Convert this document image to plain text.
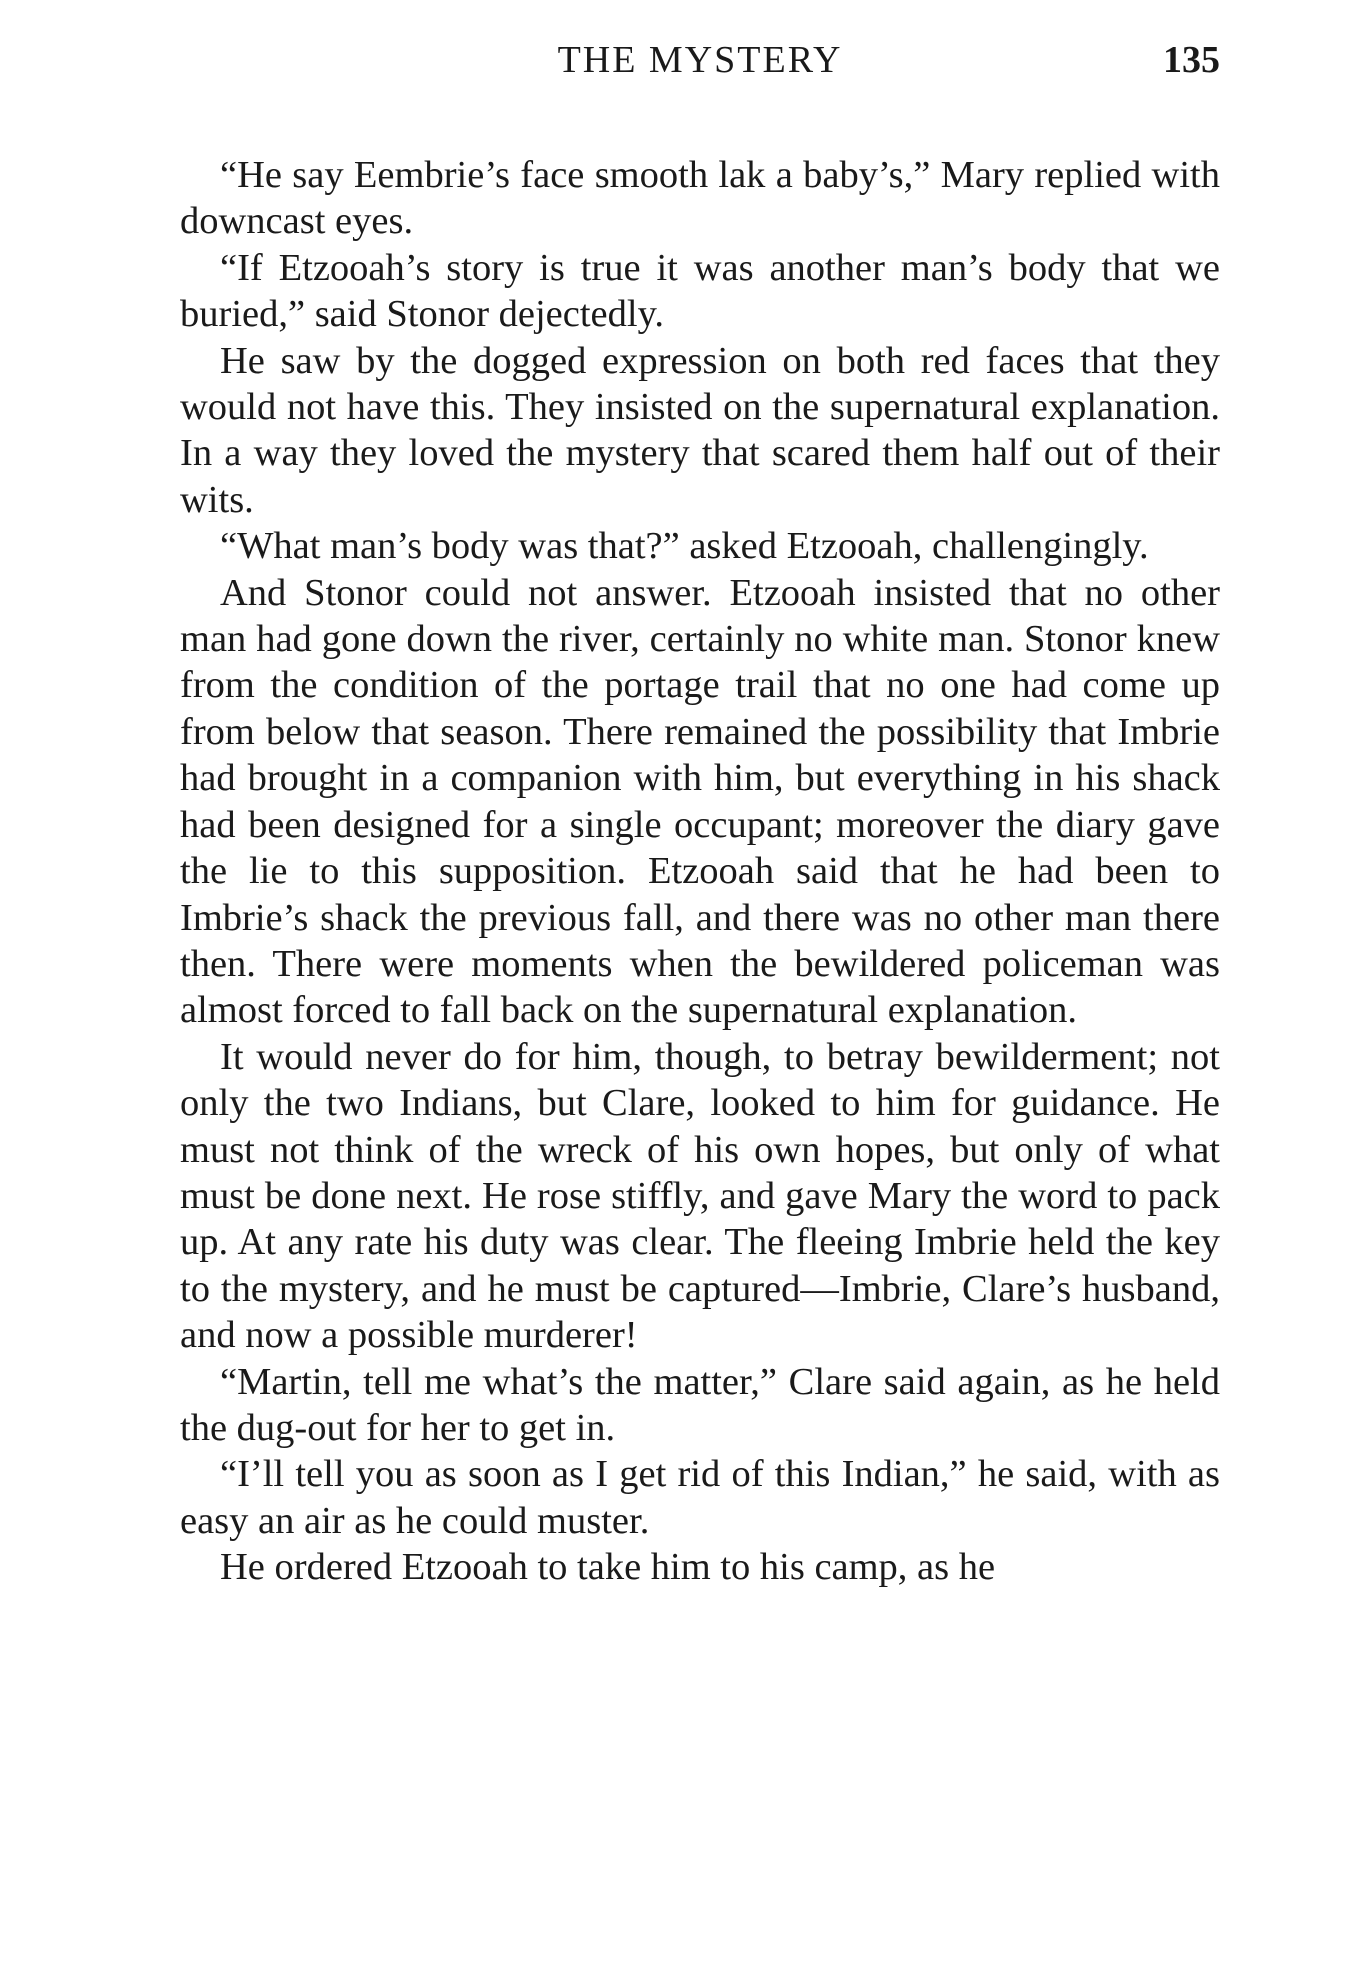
THE MYSTERY	135

“He say Eembrie’s face smooth lak a baby’s,” Mary replied with downcast eyes.

“If Etzooah’s story is true it was another man’s body that we buried,” said Stonor dejectedly.

He saw by the dogged expression on both red faces that they would not have this. They insisted on the supernatural explanation. In a way they loved the mystery that scared them half out of their wits.

“What man’s body was that?” asked Etzooah, challengingly.

And Stonor could not answer. Etzooah insisted that no other man had gone down the river, certainly no white man. Stonor knew from the condition of the portage trail that no one had come up from below that season. There remained the possibility that Imbrie had brought in a companion with him, but everything in his shack had been designed for a single occupant; moreover the diary gave the lie to this supposition. Etzooah said that he had been to Imbrie’s shack the previous fall, and there was no other man there then. There were moments when the bewildered policeman was almost forced to fall back on the supernatural explanation.

It would never do for him, though, to betray bewilderment; not only the two Indians, but Clare, looked to him for guidance. He must not think of the wreck of his own hopes, but only of what must be done next. He rose stiffly, and gave Mary the word to pack up. At any rate his duty was clear. The fleeing Imbrie held the key to the mystery, and he must be captured—Imbrie, Clare’s husband, and now a possible murderer!

“Martin, tell me what’s the matter,” Clare said again, as he held the dug-out for her to get in.

“I’ll tell you as soon as I get rid of this Indian,” he said, with as easy an air as he could muster.

He ordered Etzooah to take him to his camp, as he
